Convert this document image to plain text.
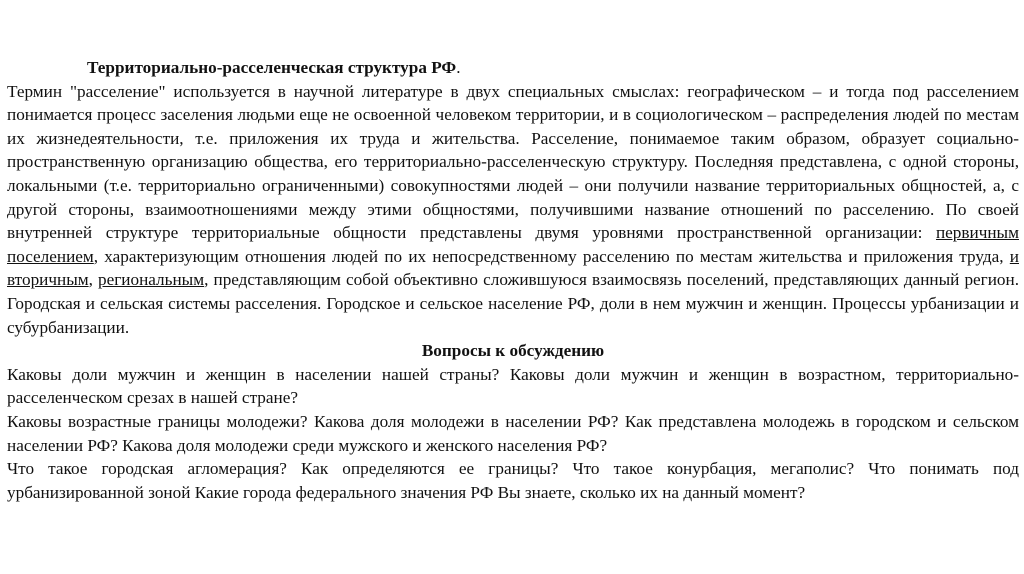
Территориально-расселенческая структура РФ.

Термин "расселение" используется в научной литературе в двух специальных смыслах: географическом – и тогда под расселением понимается процесс заселения людьми еще не освоенной человеком территории, и в социологическом – распределения людей по местам их жизнедеятельности, т.е. приложения их труда и жительства. Расселение, понимаемое таким образом, образует социально-пространственную организацию общества, его территориально-расселенческую структуру. Последняя представлена, с одной стороны, локальными (т.е. территориально ограниченными) совокупностями людей – они получили название территориальных общностей, а, с другой стороны, взаимоотношениями между этими общностями, получившими название отношений по расселению. По своей внутренней структуре территориальные общности представлены двумя уровнями пространственной организации: первичным поселением, характеризующим отношения людей по их непосредственному расселению по местам жительства и приложения труда, и вторичным, региональным, представляющим собой объективно сложившуюся взаимосвязь поселений, представляющих данный регион. Городская и сельская системы расселения. Городское и сельское население РФ, доли в нем мужчин и женщин. Процессы урбанизации и субурбанизации.

Вопросы к обсуждению

Каковы доли мужчин и женщин в населении нашей страны? Каковы доли мужчин и женщин в возрастном, территориально-расселенческом срезах в нашей стране?

Каковы возрастные границы молодежи? Какова доля молодежи в населении РФ? Как представлена молодежь в городском и сельском населении РФ? Какова доля молодежи среди мужского и женского населения РФ?

Что такое городская агломерация? Как определяются ее границы? Что такое конурбация, мегаполис? Что понимать под урбанизированной зоной Какие города федерального значения РФ Вы знаете, сколько их на данный момент?
